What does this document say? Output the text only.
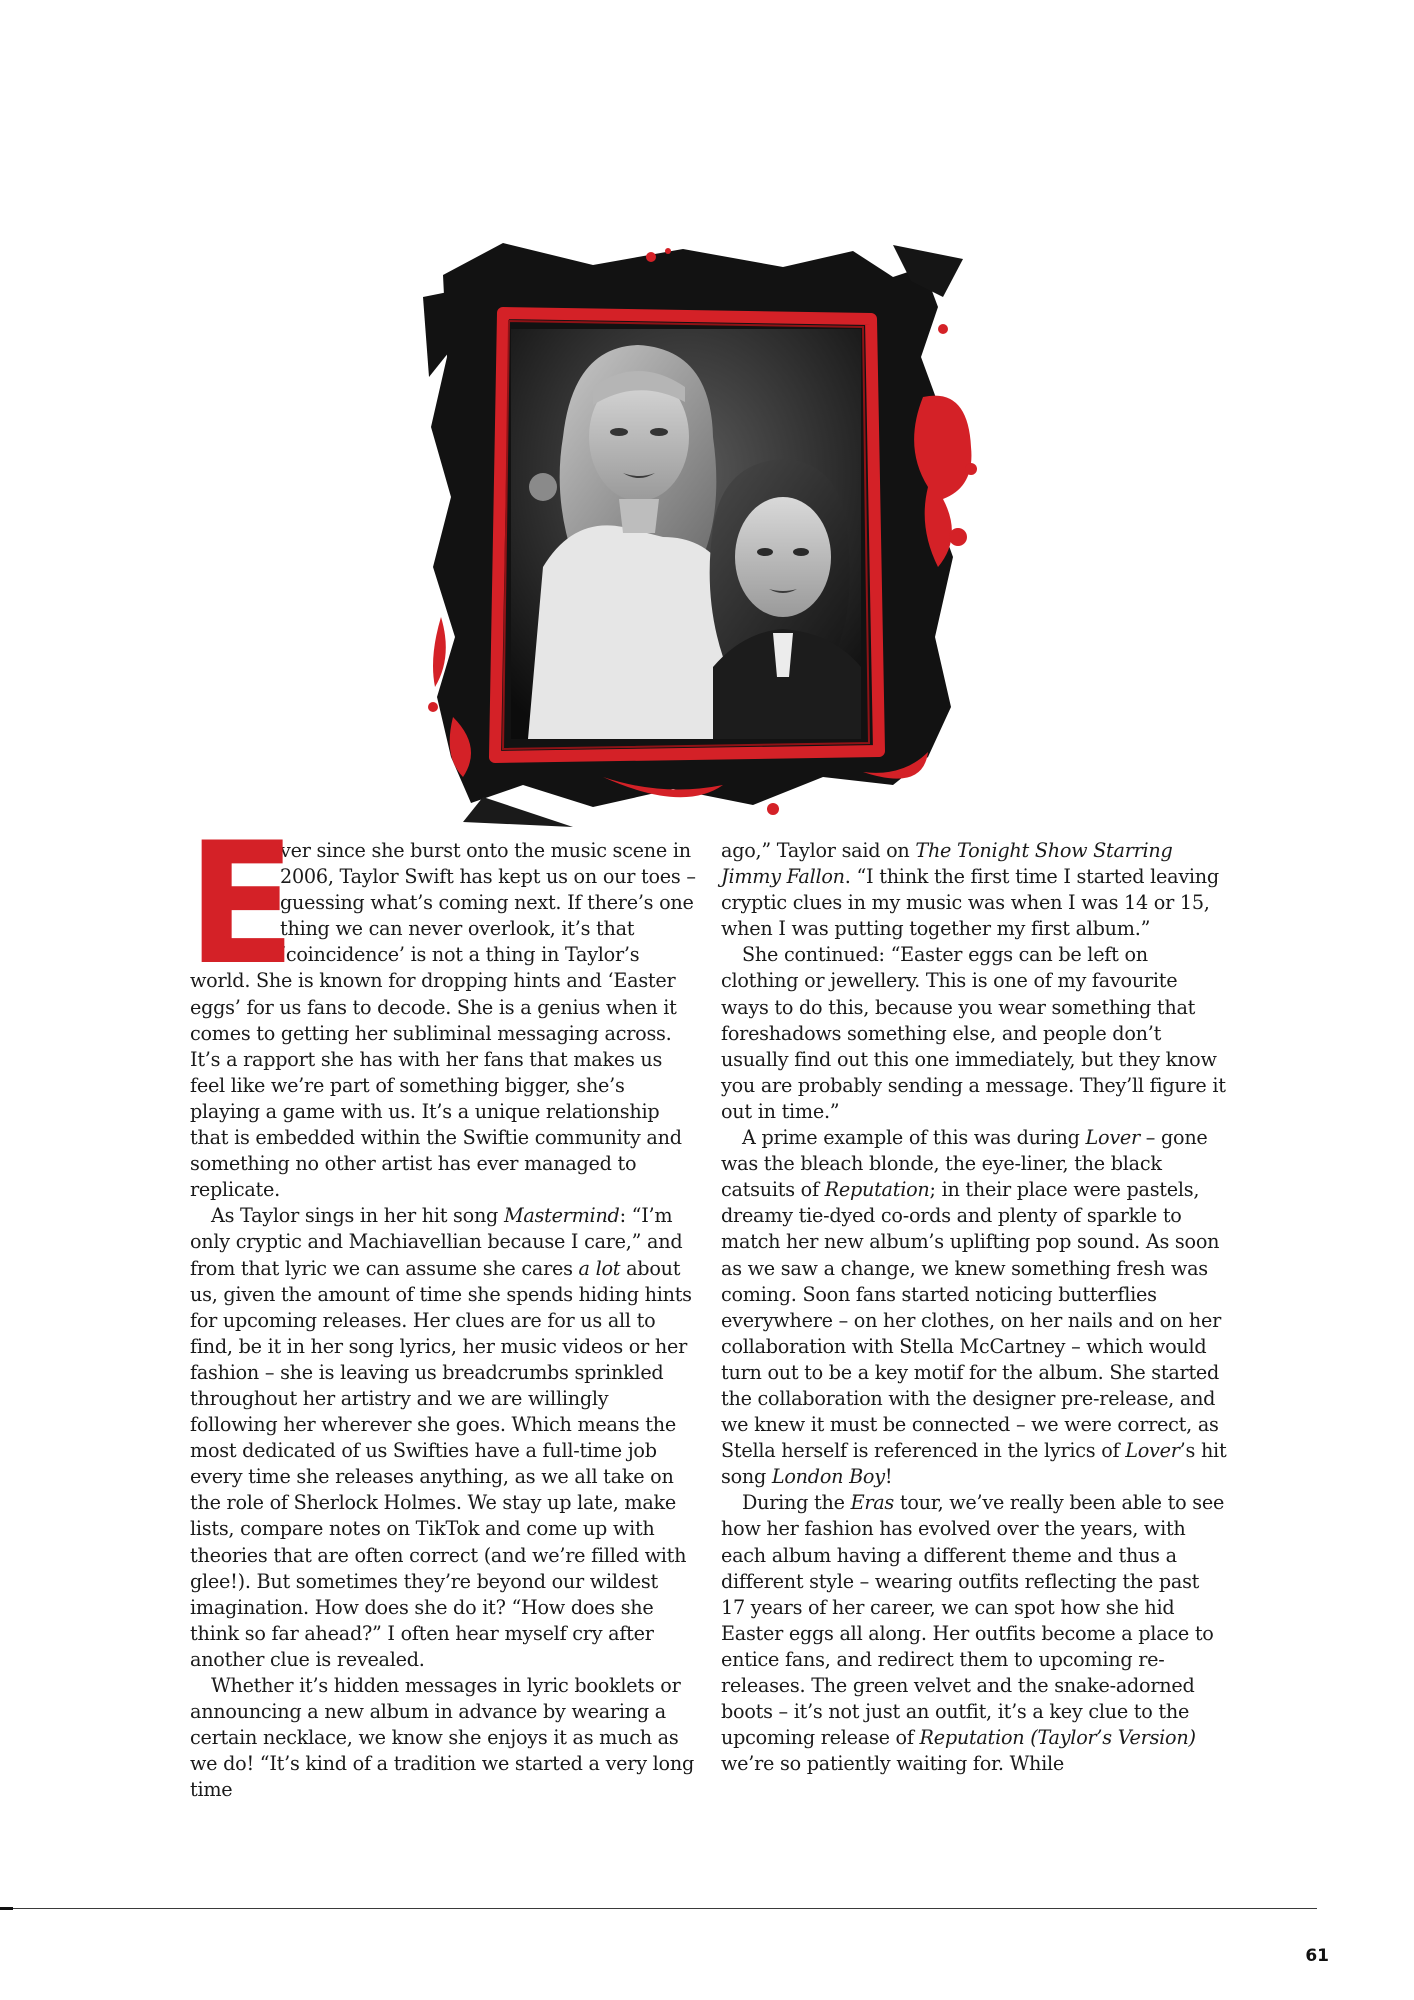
E

ver since she burst onto the music scene in 2006, Taylor Swift has kept us on our toes – guessing what’s coming next. If there’s one thing we can never overlook, it’s that ‘coincidence’ is not a thing in Taylor’s world. She is known for dropping hints and ‘Easter eggs’ for us fans to decode. She is a genius when it comes to getting her subliminal messaging across. It’s a rapport she has with her fans that makes us feel like we’re part of something bigger, she’s playing a game with us. It’s a unique relationship that is embedded within the Swiftie community and something no other artist has ever managed to replicate.

As Taylor sings in her hit song Mastermind: “I’m only cryptic and Machiavellian because I care,” and from that lyric we can assume she cares a lot about us, given the amount of time she spends hiding hints for upcoming releases. Her clues are for us all to find, be it in her song lyrics, her music videos or her fashion – she is leaving us breadcrumbs sprinkled throughout her artistry and we are willingly following her wherever she goes. Which means the most dedicated of us Swifties have a full-time job every time she releases anything, as we all take on the role of Sherlock Holmes. We stay up late, make lists, compare notes on TikTok and come up with theories that are often correct (and we’re filled with glee!). But sometimes they’re beyond our wildest imagination. How does she do it? “How does she think so far ahead?” I often hear myself cry after another clue is revealed.

Whether it’s hidden messages in lyric booklets or announcing a new album in advance by wearing a certain necklace, we know she enjoys it as much as we do! “It’s kind of a tradition we started a very long time

ago,” Taylor said on The Tonight Show Starring Jimmy Fallon. “I think the first time I started leaving cryptic clues in my music was when I was 14 or 15, when I was putting together my first album.”

She continued: “Easter eggs can be left on clothing or jewellery. This is one of my favourite ways to do this, because you wear something that foreshadows something else, and people don’t usually find out this one immediately, but they know you are probably sending a message. They’ll figure it out in time.”

A prime example of this was during Lover – gone was the bleach blonde, the eye-liner, the black catsuits of Reputation; in their place were pastels, dreamy tie-dyed co-ords and plenty of sparkle to match her new album’s uplifting pop sound. As soon as we saw a change, we knew something fresh was coming. Soon fans started noticing butterflies everywhere – on her clothes, on her nails and on her collaboration with Stella McCartney – which would turn out to be a key motif for the album. She started the collaboration with the designer pre-release, and we knew it must be connected – we were correct, as Stella herself is referenced in the lyrics of Lover’s hit song London Boy!

During the Eras tour, we’ve really been able to see how her fashion has evolved over the years, with each album having a different theme and thus a different style – wearing outfits reflecting the past 17 years of her career, we can spot how she hid Easter eggs all along. Her outfits become a place to entice fans, and redirect them to upcoming re-releases. The green velvet and the snake-adorned boots – it’s not just an outfit, it’s a key clue to the upcoming release of Reputation (Taylor’s Version) we’re so patiently waiting for. While

61
